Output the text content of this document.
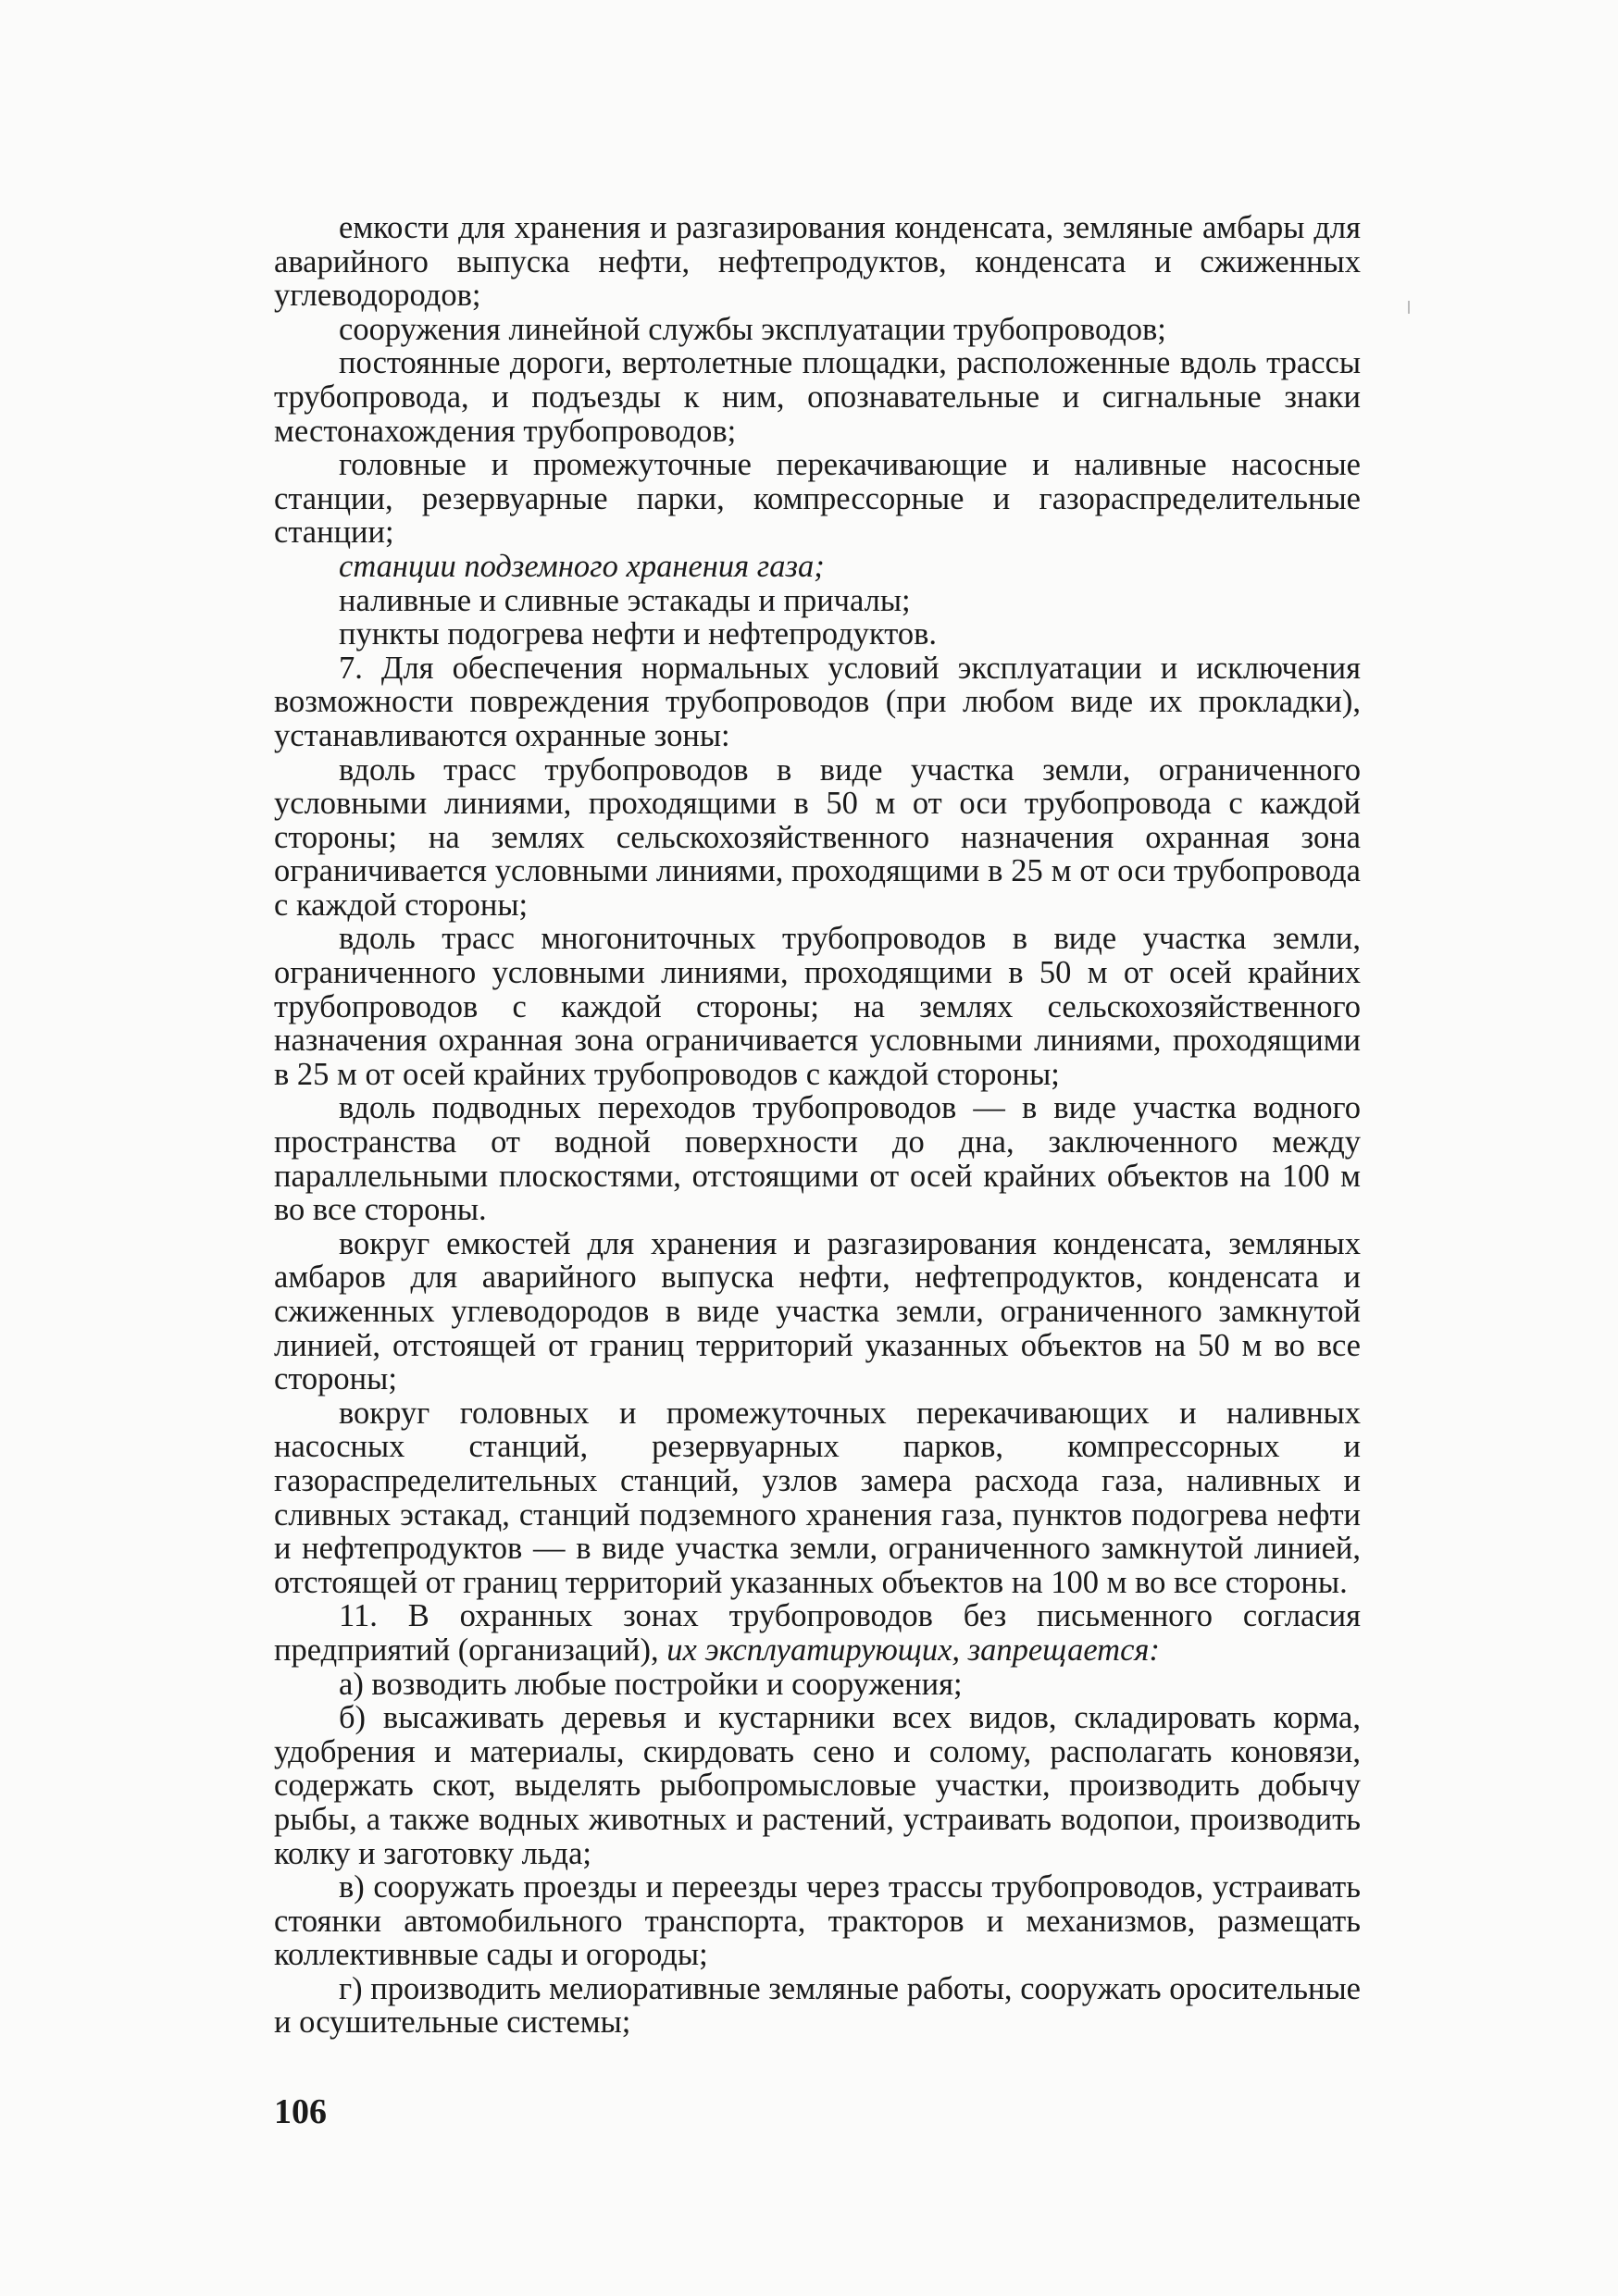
емкости для хранения и разгазирования конденсата, земляные амбары для аварийного выпуска нефти, нефтепродуктов, конденсата и сжиженных углеводородов;

сооружения линейной службы эксплуатации трубопроводов;

постоянные дороги, вертолетные площадки, расположенные вдоль трассы трубопровода, и подъезды к ним, опознавательные и сигнальные знаки местонахождения трубопроводов;

головные и промежуточные перекачивающие и наливные насосные станции, резервуарные парки, компрессорные и газораспределительные станции;

станции подземного хранения газа;

наливные и сливные эстакады и причалы;

пункты подогрева нефти и нефтепродуктов.

7. Для обеспечения нормальных условий эксплуатации и исключения возможности повреждения трубопроводов (при любом виде их прокладки), устанавливаются охранные зоны:

вдоль трасс трубопроводов в виде участка земли, ограниченного условными линиями, проходящими в 50 м от оси трубопровода с каждой стороны; на землях сельскохозяйственного назначения охранная зона ограничивается условными линиями, проходящими в 25 м от оси трубопровода с каждой стороны;

вдоль трасс многониточных трубопроводов в виде участка земли, ограниченного условными линиями, проходящими в 50 м от осей крайних трубопроводов с каждой стороны; на землях сельскохозяйственного назначения охранная зона ограничивается условными линиями, проходящими в 25 м от осей крайних трубопроводов с каждой стороны;

вдоль подводных переходов трубопроводов — в виде участка водного пространства от водной поверхности до дна, заключенного между параллельными плоскостями, отстоящими от осей крайних объектов на 100 м во все стороны.

вокруг емкостей для хранения и разгазирования конденсата, земляных амбаров для аварийного выпуска нефти, нефтепродуктов, конденсата и сжиженных углеводородов в виде участка земли, ограниченного замкнутой линией, отстоящей от границ территорий указанных объектов на 50 м во все стороны;

вокруг головных и промежуточных перекачивающих и наливных насосных станций, резервуарных парков, компрессорных и газораспределительных станций, узлов замера расхода газа, наливных и сливных эстакад, станций подземного хранения газа, пунктов подогрева нефти и нефтепродуктов — в виде участка земли, ограниченного замкнутой линией, отстоящей от границ территорий указанных объектов на 100 м во все стороны.

11. В охранных зонах трубопроводов без письменного согласия предприятий (организаций), их эксплуатирующих, запрещается:

а) возводить любые постройки и сооружения;

б) высаживать деревья и кустарники всех видов, складировать корма, удобрения и материалы, скирдовать сено и солому, располагать коновязи, содержать скот, выделять рыбопромысловые участки, производить добычу рыбы, а также водных животных и растений, устраивать водопои, производить колку и заготовку льда;

в) сооружать проезды и переезды через трассы трубопроводов, устраивать стоянки автомобильного транспорта, тракторов и механизмов, размещать коллективнвые сады и огороды;

г) производить мелиоративные земляные работы, сооружать оросительные и осушительные системы;

106
